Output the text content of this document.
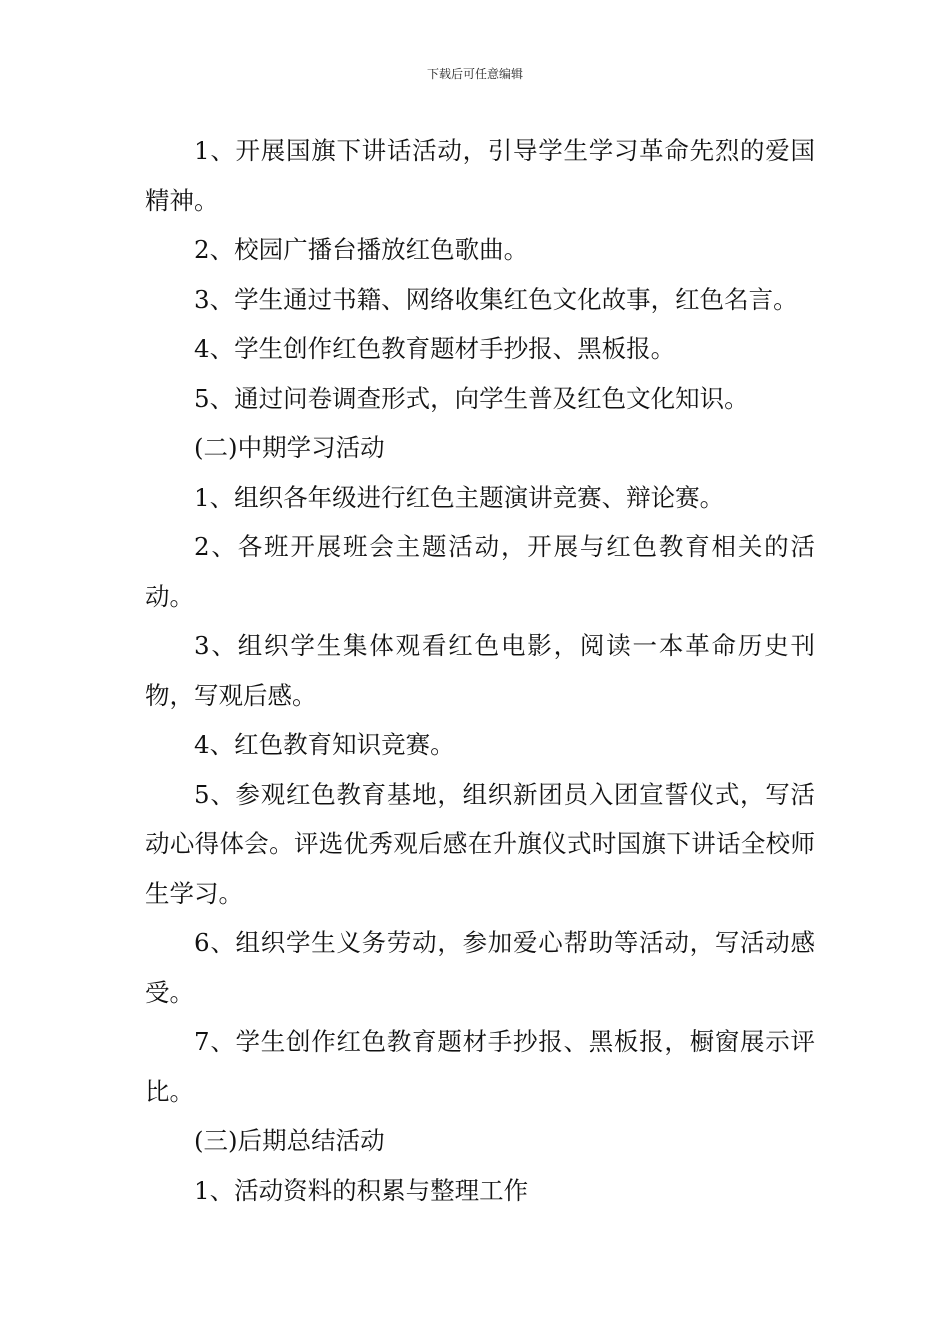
下载后可任意编辑

1、开展国旗下讲话活动，引导学生学习革命先烈的爱国精神。

2、校园广播台播放红色歌曲。

3、学生通过书籍、网络收集红色文化故事，红色名言。

4、学生创作红色教育题材手抄报、黑板报。

5、通过问卷调查形式，向学生普及红色文化知识。

(二)中期学习活动

1、组织各年级进行红色主题演讲竞赛、辩论赛。

2、各班开展班会主题活动，开展与红色教育相关的活动。

3、组织学生集体观看红色电影，阅读一本革命历史刊物，写观后感。

4、红色教育知识竞赛。

5、参观红色教育基地，组织新团员入团宣誓仪式，写活动心得体会。评选优秀观后感在升旗仪式时国旗下讲话全校师生学习。

6、组织学生义务劳动，参加爱心帮助等活动，写活动感受。

7、学生创作红色教育题材手抄报、黑板报，橱窗展示评比。

(三)后期总结活动

1、活动资料的积累与整理工作
